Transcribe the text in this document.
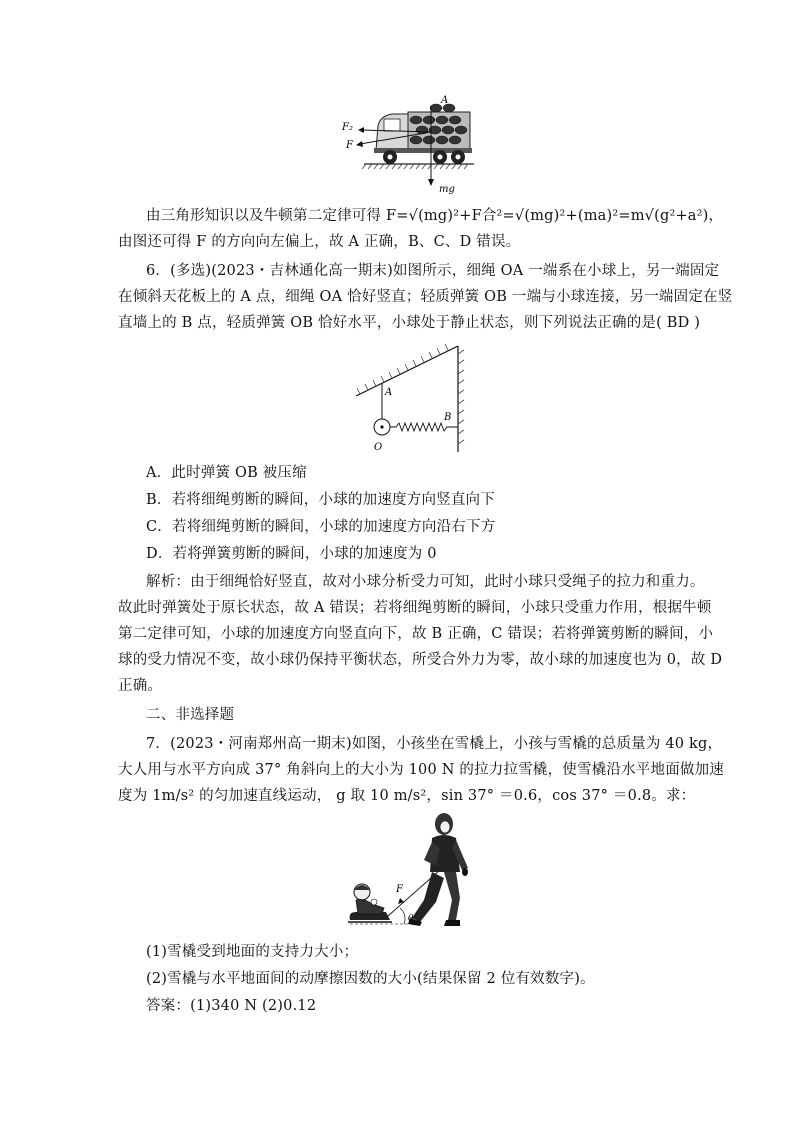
A
F₂
F
mg
由三角形知识以及牛顿第二定律可得 F=√(mg)²+F合²=√(mg)²+(ma)²=m√(g²+a²)，
由图还可得 F 的方向向左偏上，故 A 正确，B、C、D 错误。
6．(多选)(2023・吉林通化高一期末)如图所示，细绳 OA 一端系在小球上，另一端固定
在倾斜天花板上的 A 点，细绳 OA 恰好竖直；轻质弹簧 OB 一端与小球连接，另一端固定在竖
直墙上的 B 点，轻质弹簧 OB 恰好水平，小球处于静止状态，则下列说法正确的是( BD )
A
B
O
A．此时弹簧 OB 被压缩
B．若将细绳剪断的瞬间，小球的加速度方向竖直向下
C．若将细绳剪断的瞬间，小球的加速度方向沿右下方
D．若将弹簧剪断的瞬间，小球的加速度为 0
解析：由于细绳恰好竖直，故对小球分析受力可知，此时小球只受绳子的拉力和重力。
故此时弹簧处于原长状态，故 A 错误；若将细绳剪断的瞬间，小球只受重力作用，根据牛顿
第二定律可知，小球的加速度方向竖直向下，故 B 正确，C 错误；若将弹簧剪断的瞬间，小
球的受力情况不变，故小球仍保持平衡状态，所受合外力为零，故小球的加速度也为 0，故 D
正确。
二、非选择题
7．(2023・河南郑州高一期末)如图，小孩坐在雪橇上，小孩与雪橇的总质量为 40 kg，
大人用与水平方向成 37° 角斜向上的大小为 100 N 的拉力拉雪橇，使雪橇沿水平地面做加速
度为 1m/s² 的匀加速直线运动， g 取 10 m/s²，sin 37° ＝0.6，cos 37° ＝0.8。求：
F
θ
(1)雪橇受到地面的支持力大小；
(2)雪橇与水平地面间的动摩擦因数的大小(结果保留 2 位有效数字)。
答案：(1)340 N (2)0.12
